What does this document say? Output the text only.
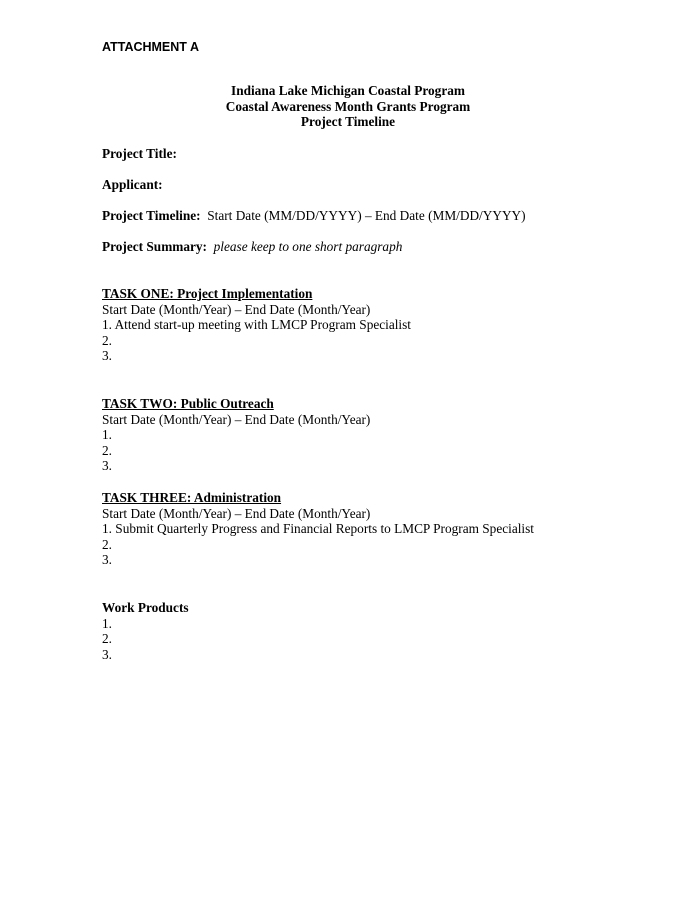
ATTACHMENT A
Indiana Lake Michigan Coastal Program
Coastal Awareness Month Grants Program
Project Timeline
Project Title:
Applicant:
Project Timeline: Start Date (MM/DD/YYYY) – End Date (MM/DD/YYYY)
Project Summary: please keep to one short paragraph
TASK ONE: Project Implementation
Start Date (Month/Year) – End Date (Month/Year)
1. Attend start-up meeting with LMCP Program Specialist
2.
3.
TASK TWO: Public Outreach
Start Date (Month/Year) – End Date (Month/Year)
1.
2.
3.
TASK THREE: Administration
Start Date (Month/Year) – End Date (Month/Year)
1. Submit Quarterly Progress and Financial Reports to LMCP Program Specialist
2.
3.
Work Products
1.
2.
3.
